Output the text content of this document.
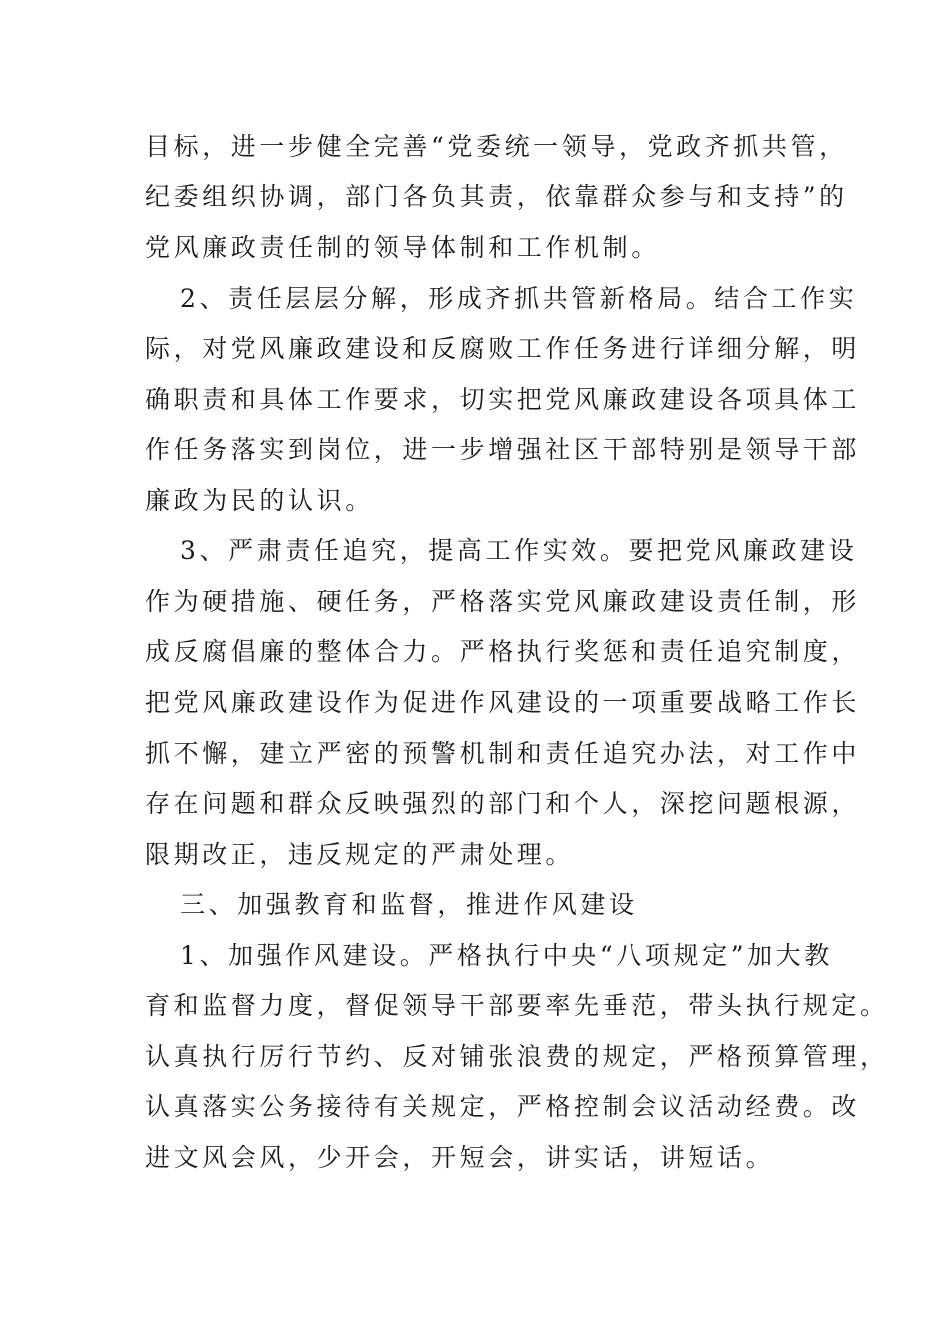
目标，进一步健全完善“党委统一领导，党政齐抓共管，

纪委组织协调，部门各负其责，依靠群众参与和支持”的

党风廉政责任制的领导体制和工作机制。

2、责任层层分解，形成齐抓共管新格局。结合工作实

际，对党风廉政建设和反腐败工作任务进行详细分解，明

确职责和具体工作要求，切实把党风廉政建设各项具体工

作任务落实到岗位，进一步增强社区干部特别是领导干部

廉政为民的认识。

3、严肃责任追究，提高工作实效。要把党风廉政建设

作为硬措施、硬任务，严格落实党风廉政建设责任制，形

成反腐倡廉的整体合力。严格执行奖惩和责任追究制度，

把党风廉政建设作为促进作风建设的一项重要战略工作长

抓不懈，建立严密的预警机制和责任追究办法，对工作中

存在问题和群众反映强烈的部门和个人，深挖问题根源，

限期改正，违反规定的严肃处理。

三、加强教育和监督，推进作风建设

1、加强作风建设。严格执行中央“八项规定”加大教

育和监督力度，督促领导干部要率先垂范，带头执行规定。

认真执行厉行节约、反对铺张浪费的规定，严格预算管理，

认真落实公务接待有关规定，严格控制会议活动经费。改

进文风会风，少开会，开短会，讲实话，讲短话。
